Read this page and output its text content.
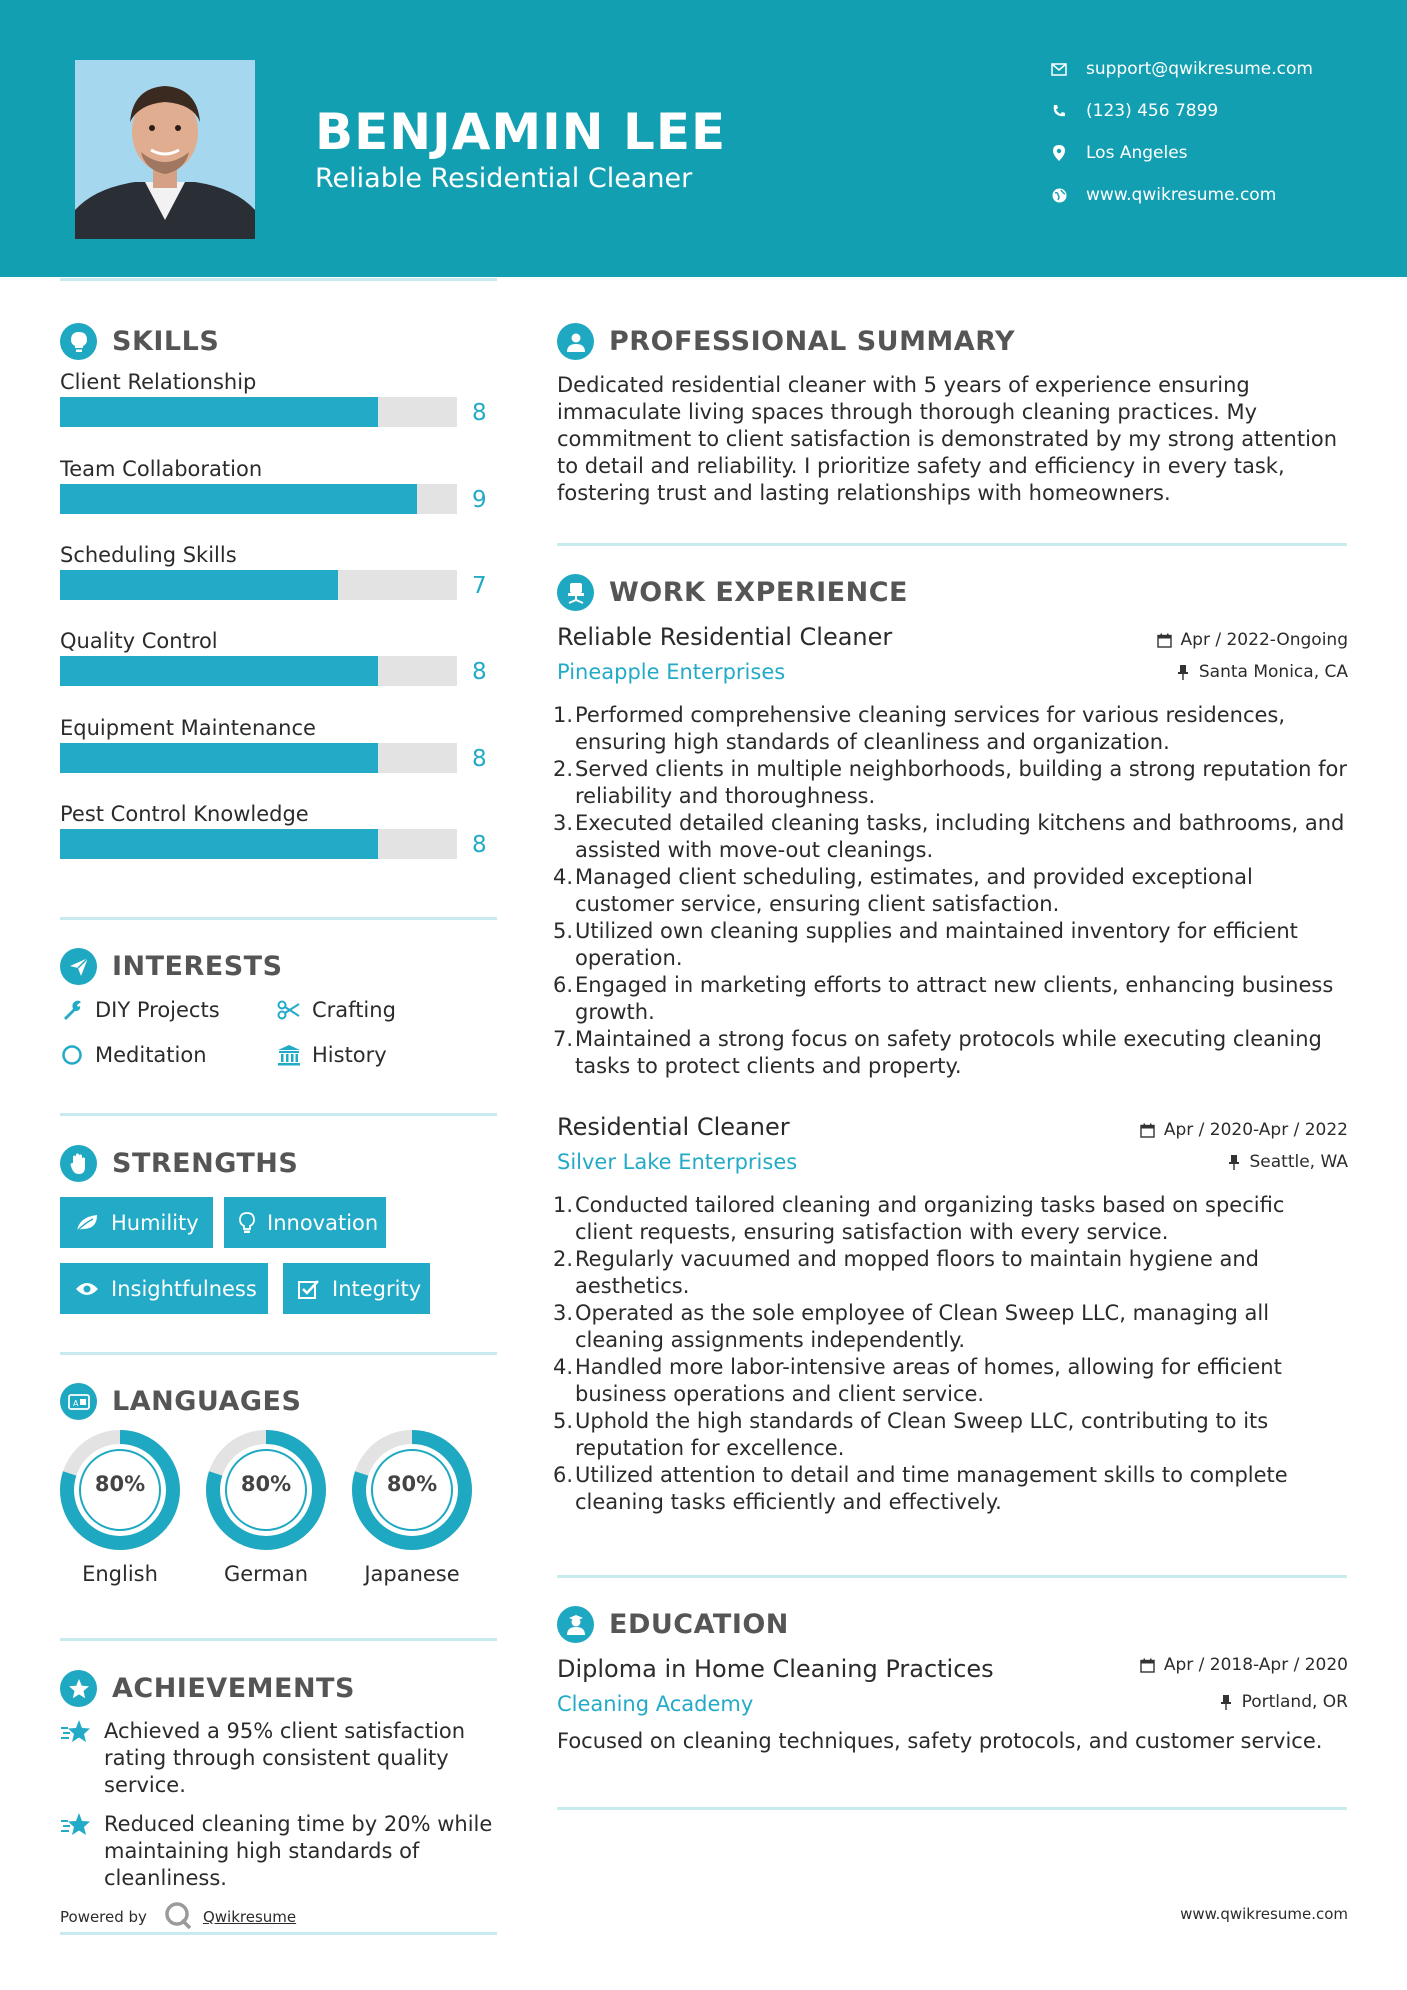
BENJAMIN LEE
Reliable Residential Cleaner
support@qwikresume.com
(123) 456 7899
Los Angeles
www.qwikresume.com
SKILLS
Client Relationship
8
Team Collaboration
9
Scheduling Skills
7
Quality Control
8
Equipment Maintenance
8
Pest Control Knowledge
8
INTERESTS
DIY Projects	Crafting
Meditation	History
STRENGTHS
Humility	Innovation
Insightfulness	Integrity
A LANGUAGES
80%
English
80%
German
80%
Japanese
ACHIEVEMENTS
Achieved a 95% client satisfaction rating through consistent quality service.
Reduced cleaning time by 20% while maintaining high standards of cleanliness.
PROFESSIONAL SUMMARY
Dedicated residential cleaner with 5 years of experience ensuring immaculate living spaces through thorough cleaning practices. My commitment to client satisfaction is demonstrated by my strong attention to detail and reliability. I prioritize safety and efficiency in every task, fostering trust and lasting relationships with homeowners.
WORK EXPERIENCE
Reliable Residential Cleaner	Apr / 2022-Ongoing
Pineapple Enterprises	Santa Monica, CA
1. Performed comprehensive cleaning services for various residences, ensuring high standards of cleanliness and organization.
2. Served clients in multiple neighborhoods, building a strong reputation for reliability and thoroughness.
3. Executed detailed cleaning tasks, including kitchens and bathrooms, and assisted with move-out cleanings.
4. Managed client scheduling, estimates, and provided exceptional customer service, ensuring client satisfaction.
5. Utilized own cleaning supplies and maintained inventory for efficient operation.
6. Engaged in marketing efforts to attract new clients, enhancing business growth.
7. Maintained a strong focus on safety protocols while executing cleaning tasks to protect clients and property.
Residential Cleaner	Apr / 2020-Apr / 2022
Silver Lake Enterprises	Seattle, WA
1. Conducted tailored cleaning and organizing tasks based on specific client requests, ensuring satisfaction with every service.
2. Regularly vacuumed and mopped floors to maintain hygiene and aesthetics.
3. Operated as the sole employee of Clean Sweep LLC, managing all cleaning assignments independently.
4. Handled more labor-intensive areas of homes, allowing for efficient business operations and client service.
5. Uphold the high standards of Clean Sweep LLC, contributing to its reputation for excellence.
6. Utilized attention to detail and time management skills to complete cleaning tasks efficiently and effectively.
EDUCATION
Diploma in Home Cleaning Practices	Apr / 2018-Apr / 2020
Cleaning Academy	Portland, OR
Focused on cleaning techniques, safety protocols, and customer service.
Powered by	Qwikresume	www.qwikresume.com
